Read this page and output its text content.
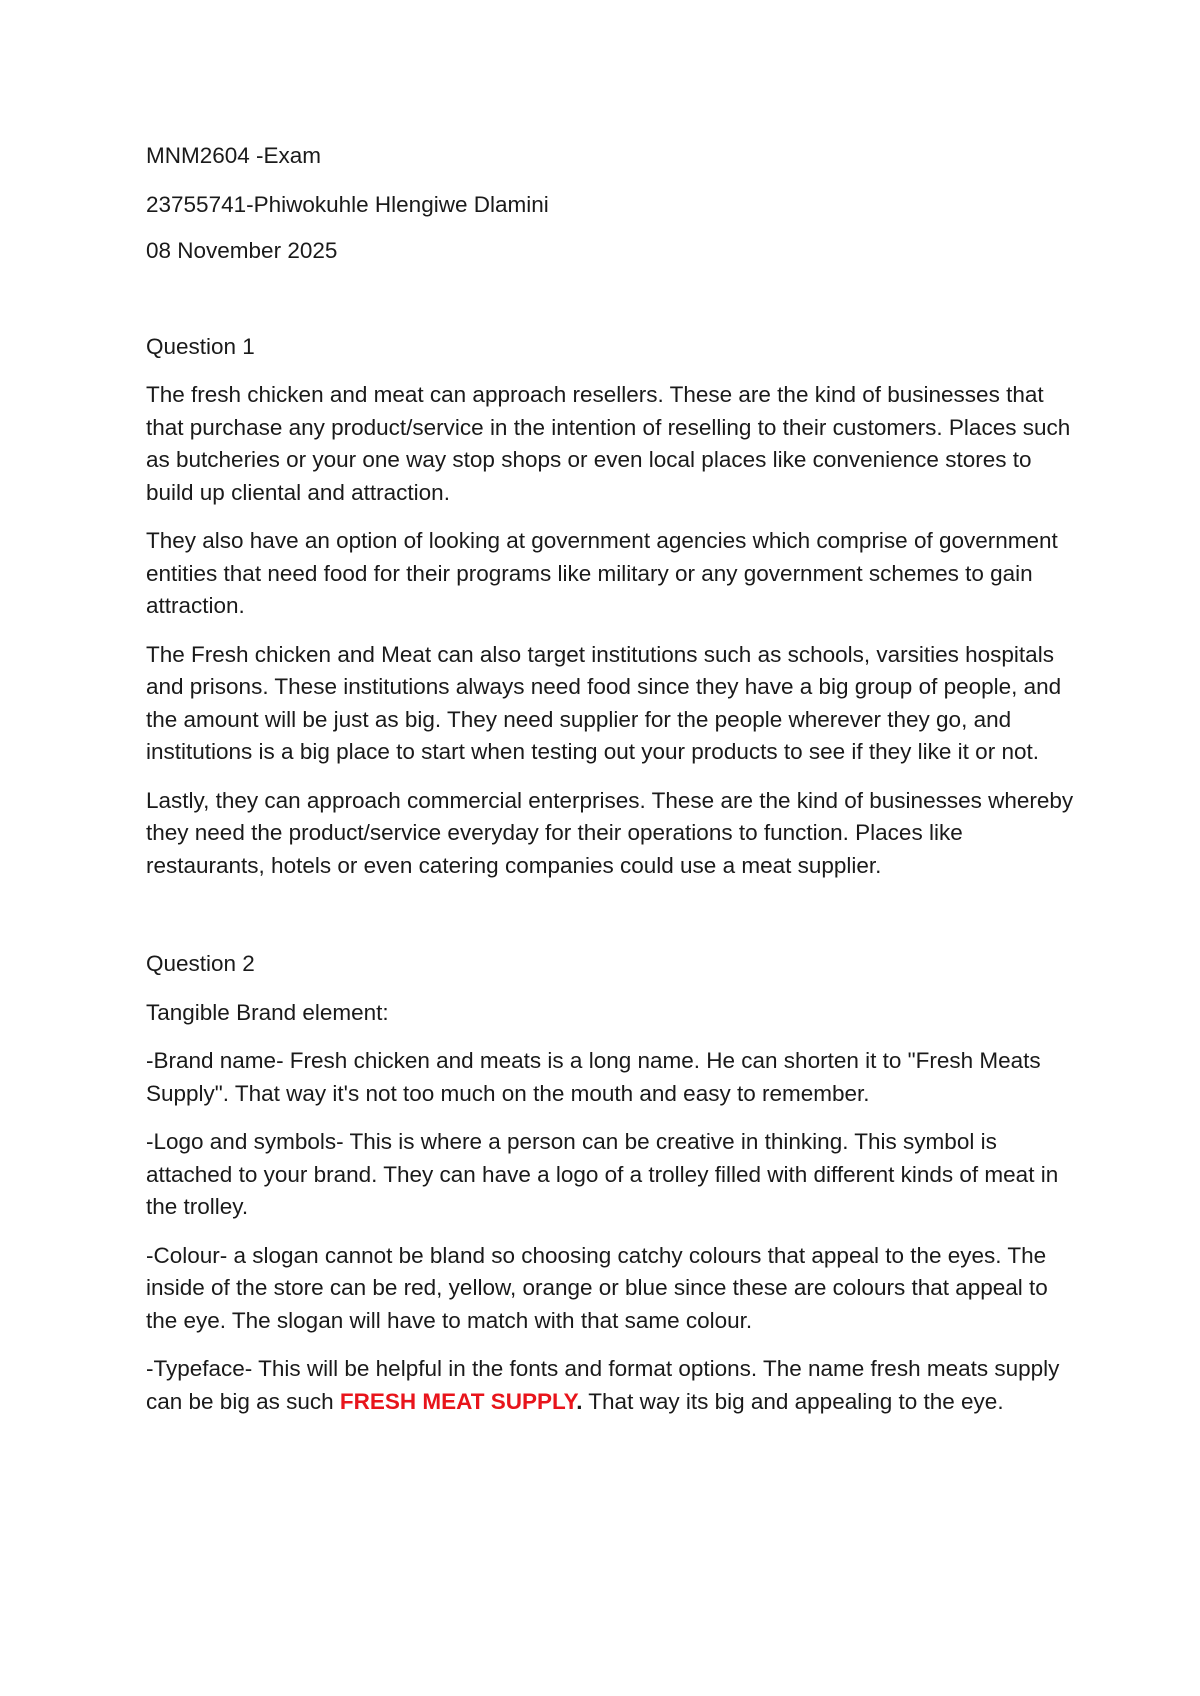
MNM2604 -Exam

23755741-Phiwokuhle Hlengiwe Dlamini

08 November 2025

Question 1

The fresh chicken and meat can approach resellers. These are the kind of businesses that that purchase any product/service in the intention of reselling to their customers. Places such as butcheries or your one way stop shops or even local places like convenience stores to build up cliental and attraction.

They also have an option of looking at government agencies which comprise of government entities that need food for their programs like military or any government schemes to gain attraction.

The Fresh chicken and Meat can also target institutions such as schools, varsities hospitals and prisons. These institutions always need food since they have a big group of people, and the amount will be just as big. They need supplier for the people wherever they go, and institutions is a big place to start when testing out your products to see if they like it or not.

Lastly, they can approach commercial enterprises. These are the kind of businesses whereby they need the product/service everyday for their operations to function. Places like restaurants, hotels or even catering companies could use a meat supplier.

Question 2

Tangible Brand element:

-Brand name- Fresh chicken and meats is a long name. He can shorten it to "Fresh Meats Supply". That way it's not too much on the mouth and easy to remember.

-Logo and symbols- This is where a person can be creative in thinking. This symbol is attached to your brand. They can have a logo of a trolley filled with different kinds of meat in the trolley.

-Colour- a slogan cannot be bland so choosing catchy colours that appeal to the eyes. The inside of the store can be red, yellow, orange or blue since these are colours that appeal to the eye. The slogan will have to match with that same colour.

-Typeface- This will be helpful in the fonts and format options. The name fresh meats supply can be big as such FRESH MEAT SUPPLY. That way its big and appealing to the eye.
